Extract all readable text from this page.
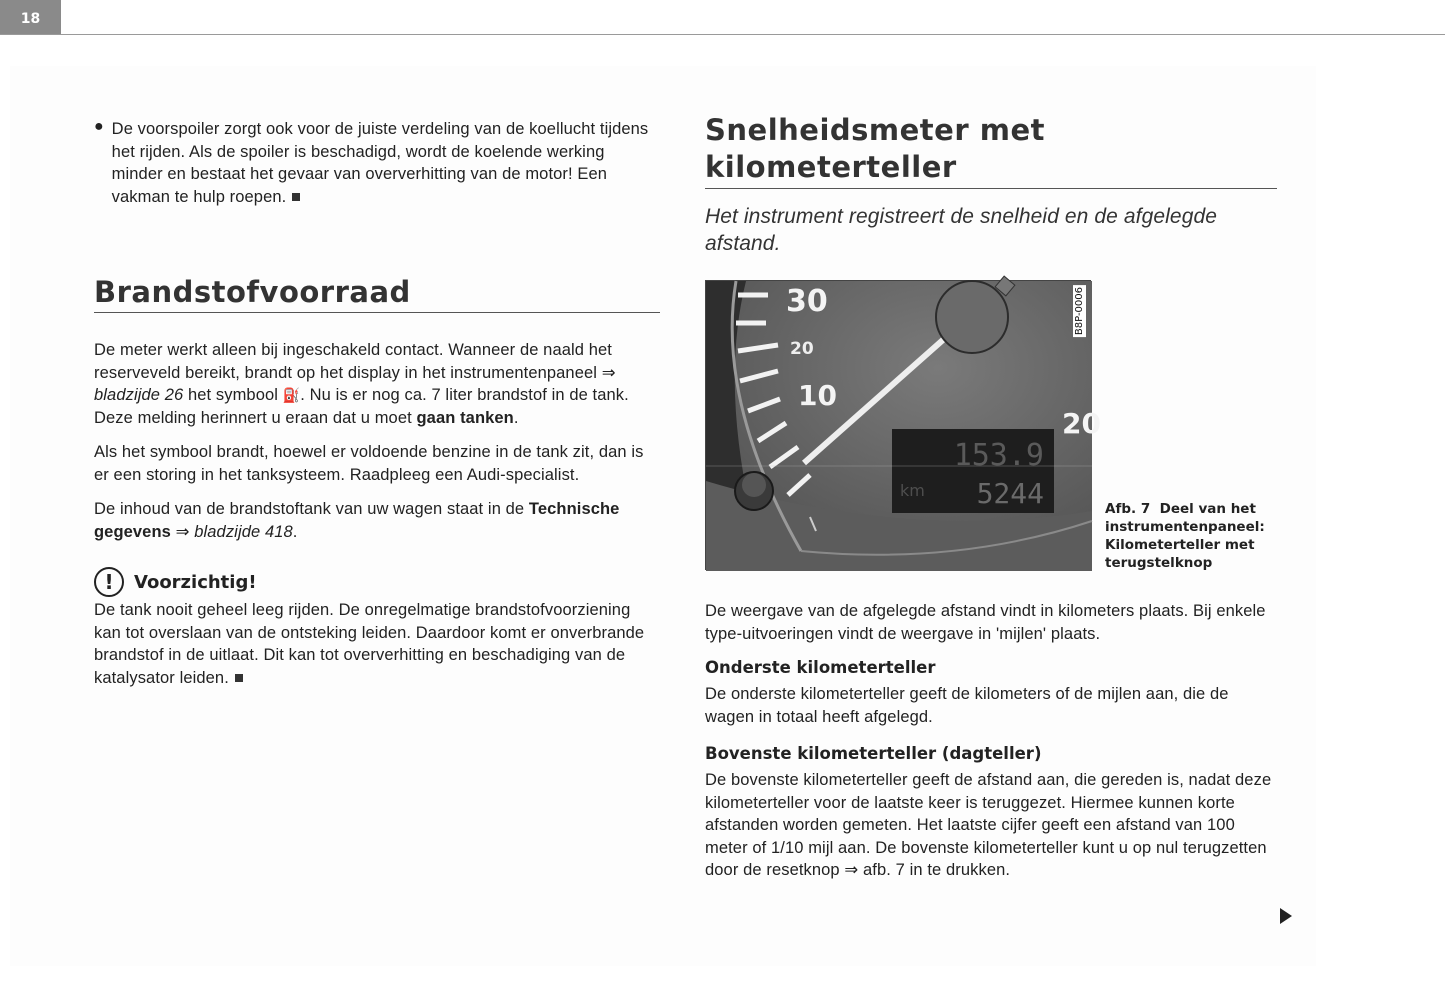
18
● De voorspoiler zorgt ook voor de juiste verdeling van de koellucht tijdens het rijden. Als de spoiler is beschadigd, wordt de koelende werking minder en bestaat het gevaar van oververhitting van de motor! Een vakman te hulp roepen.

Brandstofvoorraad

De meter werkt alleen bij ingeschakeld contact. Wanneer de naald het reserveveld bereikt, brandt op het display in het instrumentenpaneel ⇒ bladzijde 26 het symbool ⛽. Nu is er nog ca. 7 liter brandstof in de tank. Deze melding herinnert u eraan dat u moet gaan tanken.

Als het symbool brandt, hoewel er voldoende benzine in de tank zit, dan is er een storing in het tanksysteem. Raadpleeg een Audi-specialist.

De inhoud van de brandstoftank van uw wagen staat in de Technische gegevens ⇒ bladzijde 418.

!	Voorzichtig!

De tank nooit geheel leeg rijden. De onregelmatige brandstofvoorziening kan tot overslaan van de ontsteking leiden. Daardoor komt er onverbrande brandstof in de uitlaat. Dit kan tot oververhitting en beschadiging van de katalysator leiden.

Snelheidsmeter met
kilometerteller

Het instrument registreert de snelheid en de afgelegde afstand.

30
20
10
20
153.9
5244
km
B8P-0006
Afb. 7 Deel van het instrumentenpaneel: Kilometerteller met terugstelknop

De weergave van de afgelegde afstand vindt in kilometers plaats. Bij enkele type-uitvoeringen vindt de weergave in 'mijlen' plaats.

Onderste kilometerteller

De onderste kilometerteller geeft de kilometers of de mijlen aan, die de wagen in totaal heeft afgelegd.

Bovenste kilometerteller (dagteller)

De bovenste kilometerteller geeft de afstand aan, die gereden is, nadat deze kilometerteller voor de laatste keer is teruggezet. Hiermee kunnen korte afstanden worden gemeten. Het laatste cijfer geeft een afstand van 100 meter of 1/10 mijl aan. De bovenste kilometerteller kunt u op nul terugzetten door de resetknop ⇒ afb. 7 in te drukken.
